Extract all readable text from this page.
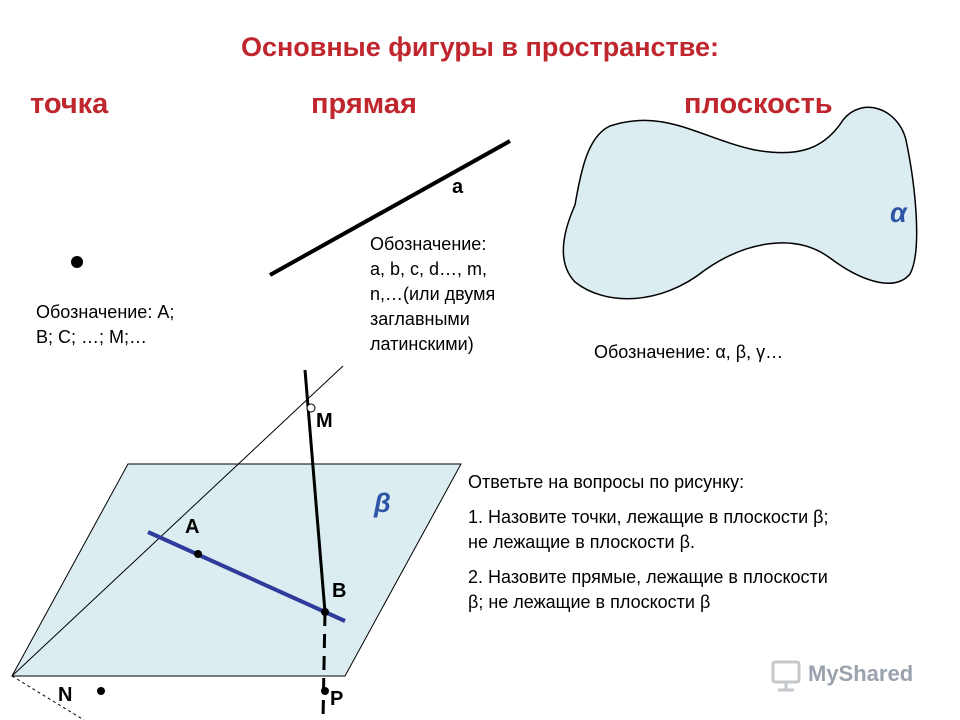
Основные фигуры в пространстве:
точка	прямая	плоскость
Обозначение: А;
В; С; …; М;…
а
Обозначение:
a, b, c, d…, m,
n,…(или двумя
заглавными
латинскими)
α
Обозначение: α, β, γ…
β
M
A
B
N	P
Ответьте на вопросы по рисунку:
1. Назовите точки, лежащие в плоскости β;
не лежащие в плоскости β.
2. Назовите прямые, лежащие в плоскости
β; не лежащие в плоскости β
MyShared
